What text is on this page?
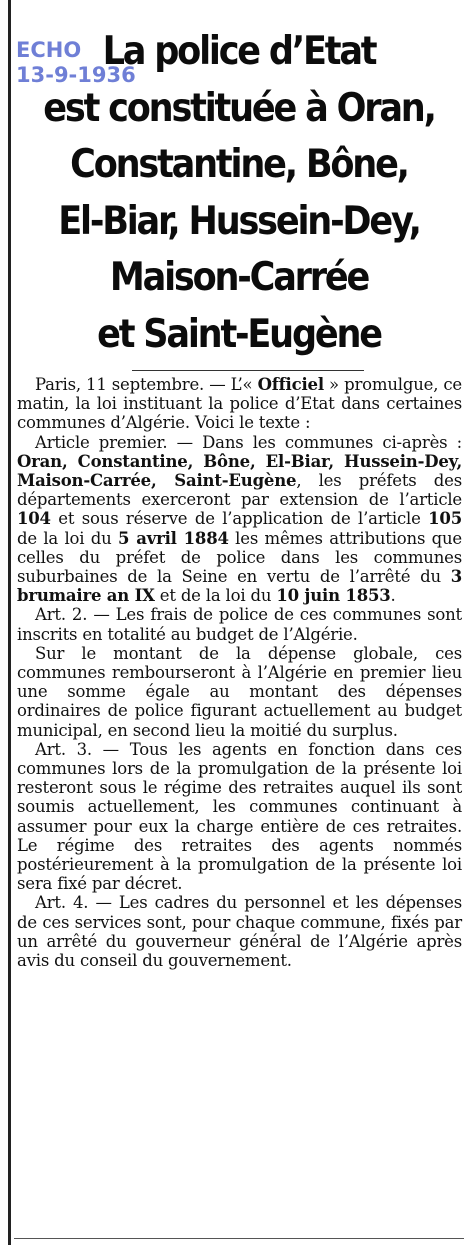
ECHO
13-9-1936
La police d’Etat
est constituée à Oran,
Constantine, Bône,
El-Biar, Hussein-Dey,
Maison-Carrée
et Saint-Eugène

Paris, 11 septembre. — L’« Officiel » promulgue, ce matin, la loi instituant la police d’Etat dans certaines communes d’Algérie. Voici le texte :

Article premier. — Dans les communes ci-après : Oran, Constantine, Bône, El-Biar, Hussein-Dey, Maison-Carrée, Saint-Eugène, les préfets des départements exerceront par extension de l’article 104 et sous réserve de l’application de l’article 105 de la loi du 5 avril 1884 les mêmes attributions que celles du préfet de police dans les communes suburbaines de la Seine en vertu de l’arrêté du 3 brumaire an IX et de la loi du 10 juin 1853.

Art. 2. — Les frais de police de ces communes sont inscrits en totalité au budget de l’Algérie.

Sur le montant de la dépense globale, ces communes rembourseront à l’Algérie en premier lieu une somme égale au montant des dépenses ordinaires de police figurant actuellement au budget municipal, en second lieu la moitié du surplus.

Art. 3. — Tous les agents en fonction dans ces communes lors de la promulgation de la présente loi resteront sous le régime des retraites auquel ils sont soumis actuellement, les communes continuant à assumer pour eux la charge entière de ces retraites. Le régime des retraites des agents nommés postérieurement à la promulgation de la présente loi sera fixé par décret.

Art. 4. — Les cadres du personnel et les dépenses de ces services sont, pour chaque commune, fixés par un arrêté du gouverneur général de l’Algérie après avis du conseil du gouvernement.
